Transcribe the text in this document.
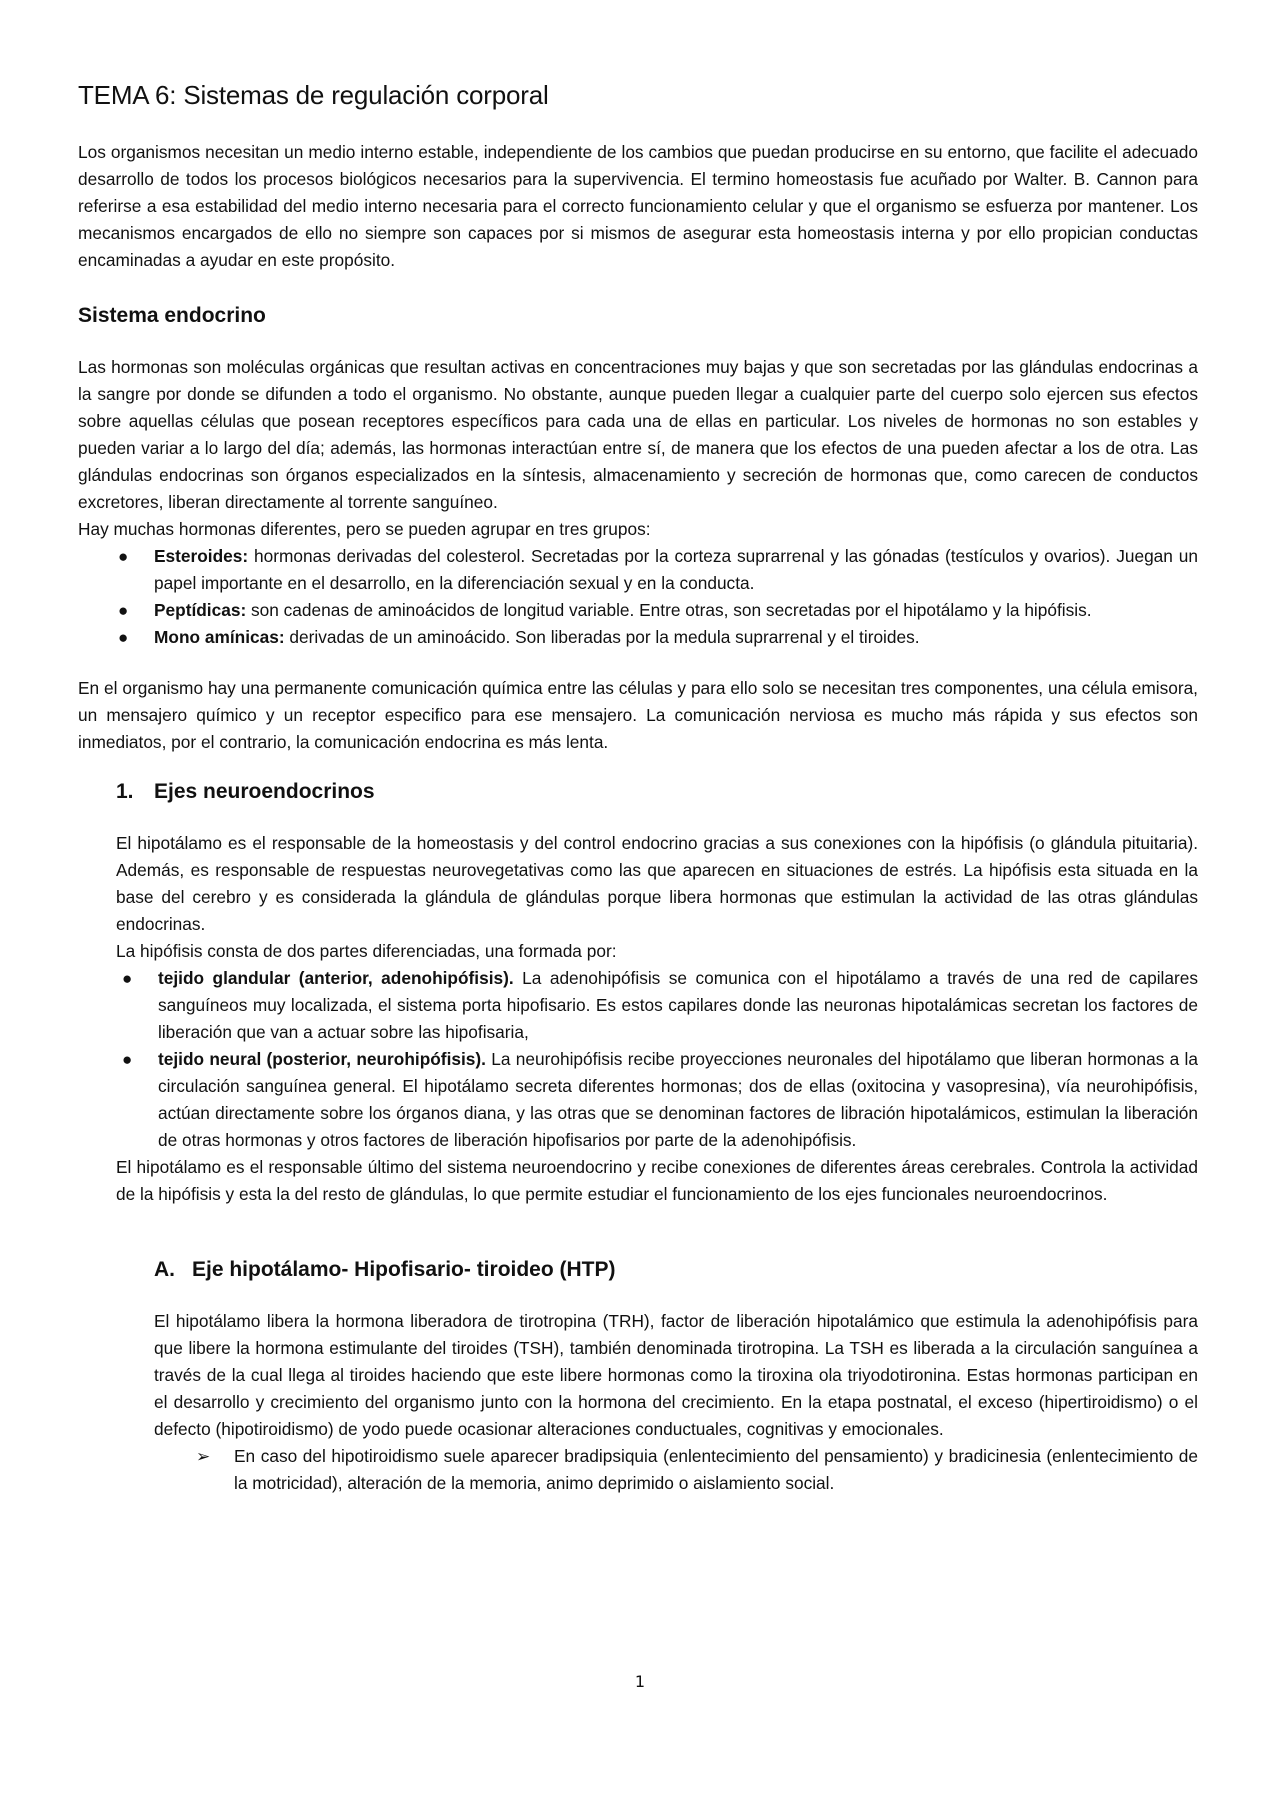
TEMA 6: Sistemas de regulación corporal

Los organismos necesitan un medio interno estable, independiente de los cambios que puedan producirse en su entorno, que facilite el adecuado desarrollo de todos los procesos biológicos necesarios para la supervivencia. El termino homeostasis fue acuñado por Walter. B. Cannon para referirse a esa estabilidad del medio interno necesaria para el correcto funcionamiento celular y que el organismo se esfuerza por mantener. Los mecanismos encargados de ello no siempre son capaces por si mismos de asegurar esta homeostasis interna y por ello propician conductas encaminadas a ayudar en este propósito.

Sistema endocrino

Las hormonas son moléculas orgánicas que resultan activas en concentraciones muy bajas y que son secretadas por las glándulas endocrinas a la sangre por donde se difunden a todo el organismo. No obstante, aunque pueden llegar a cualquier parte del cuerpo solo ejercen sus efectos sobre aquellas células que posean receptores específicos para cada una de ellas en particular. Los niveles de hormonas no son estables y pueden variar a lo largo del día; además, las hormonas interactúan entre sí, de manera que los efectos de una pueden afectar a los de otra. Las glándulas endocrinas son órganos especializados en la síntesis, almacenamiento y secreción de hormonas que, como carecen de conductos excretores, liberan directamente al torrente sanguíneo.

Hay muchas hormonas diferentes, pero se pueden agrupar en tres grupos:

● Esteroides: hormonas derivadas del colesterol. Secretadas por la corteza suprarrenal y las gónadas (testículos y ovarios). Juegan un papel importante en el desarrollo, en la diferenciación sexual y en la conducta.
● Peptídicas: son cadenas de aminoácidos de longitud variable. Entre otras, son secretadas por el hipotálamo y la hipófisis.
● Mono amínicas: derivadas de un aminoácido. Son liberadas por la medula suprarrenal y el tiroides.

En el organismo hay una permanente comunicación química entre las células y para ello solo se necesitan tres componentes, una célula emisora, un mensajero químico y un receptor especifico para ese mensajero. La comunicación nerviosa es mucho más rápida y sus efectos son inmediatos, por el contrario, la comunicación endocrina es más lenta.

1. Ejes neuroendocrinos

El hipotálamo es el responsable de la homeostasis y del control endocrino gracias a sus conexiones con la hipófisis (o glándula pituitaria). Además, es responsable de respuestas neurovegetativas como las que aparecen en situaciones de estrés. La hipófisis esta situada en la base del cerebro y es considerada la glándula de glándulas porque libera hormonas que estimulan la actividad de las otras glándulas endocrinas.

La hipófisis consta de dos partes diferenciadas, una formada por:

● tejido glandular (anterior, adenohipófisis). La adenohipófisis se comunica con el hipotálamo a través de una red de capilares sanguíneos muy localizada, el sistema porta hipofisario. Es estos capilares donde las neuronas hipotalámicas secretan los factores de liberación que van a actuar sobre las hipofisaria,
● tejido neural (posterior, neurohipófisis). La neurohipófisis recibe proyecciones neuronales del hipotálamo que liberan hormonas a la circulación sanguínea general. El hipotálamo secreta diferentes hormonas; dos de ellas (oxitocina y vasopresina), vía neurohipófisis, actúan directamente sobre los órganos diana, y las otras que se denominan factores de libración hipotalámicos, estimulan la liberación de otras hormonas y otros factores de liberación hipofisarios por parte de la adenohipófisis.

El hipotálamo es el responsable último del sistema neuroendocrino y recibe conexiones de diferentes áreas cerebrales. Controla la actividad de la hipófisis y esta la del resto de glándulas, lo que permite estudiar el funcionamiento de los ejes funcionales neuroendocrinos.

A. Eje hipotálamo- Hipofisario- tiroideo (HTP)

El hipotálamo libera la hormona liberadora de tirotropina (TRH), factor de liberación hipotalámico que estimula la adenohipófisis para que libere la hormona estimulante del tiroides (TSH), también denominada tirotropina. La TSH es liberada a la circulación sanguínea a través de la cual llega al tiroides haciendo que este libere hormonas como la tiroxina ola triyodotironina. Estas hormonas participan en el desarrollo y crecimiento del organismo junto con la hormona del crecimiento. En la etapa postnatal, el exceso (hipertiroidismo) o el defecto (hipotiroidismo) de yodo puede ocasionar alteraciones conductuales, cognitivas y emocionales.

➢ En caso del hipotiroidismo suele aparecer bradipsiquia (enlentecimiento del pensamiento) y bradicinesia (enlentecimiento de la motricidad), alteración de la memoria, animo deprimido o aislamiento social.
1
